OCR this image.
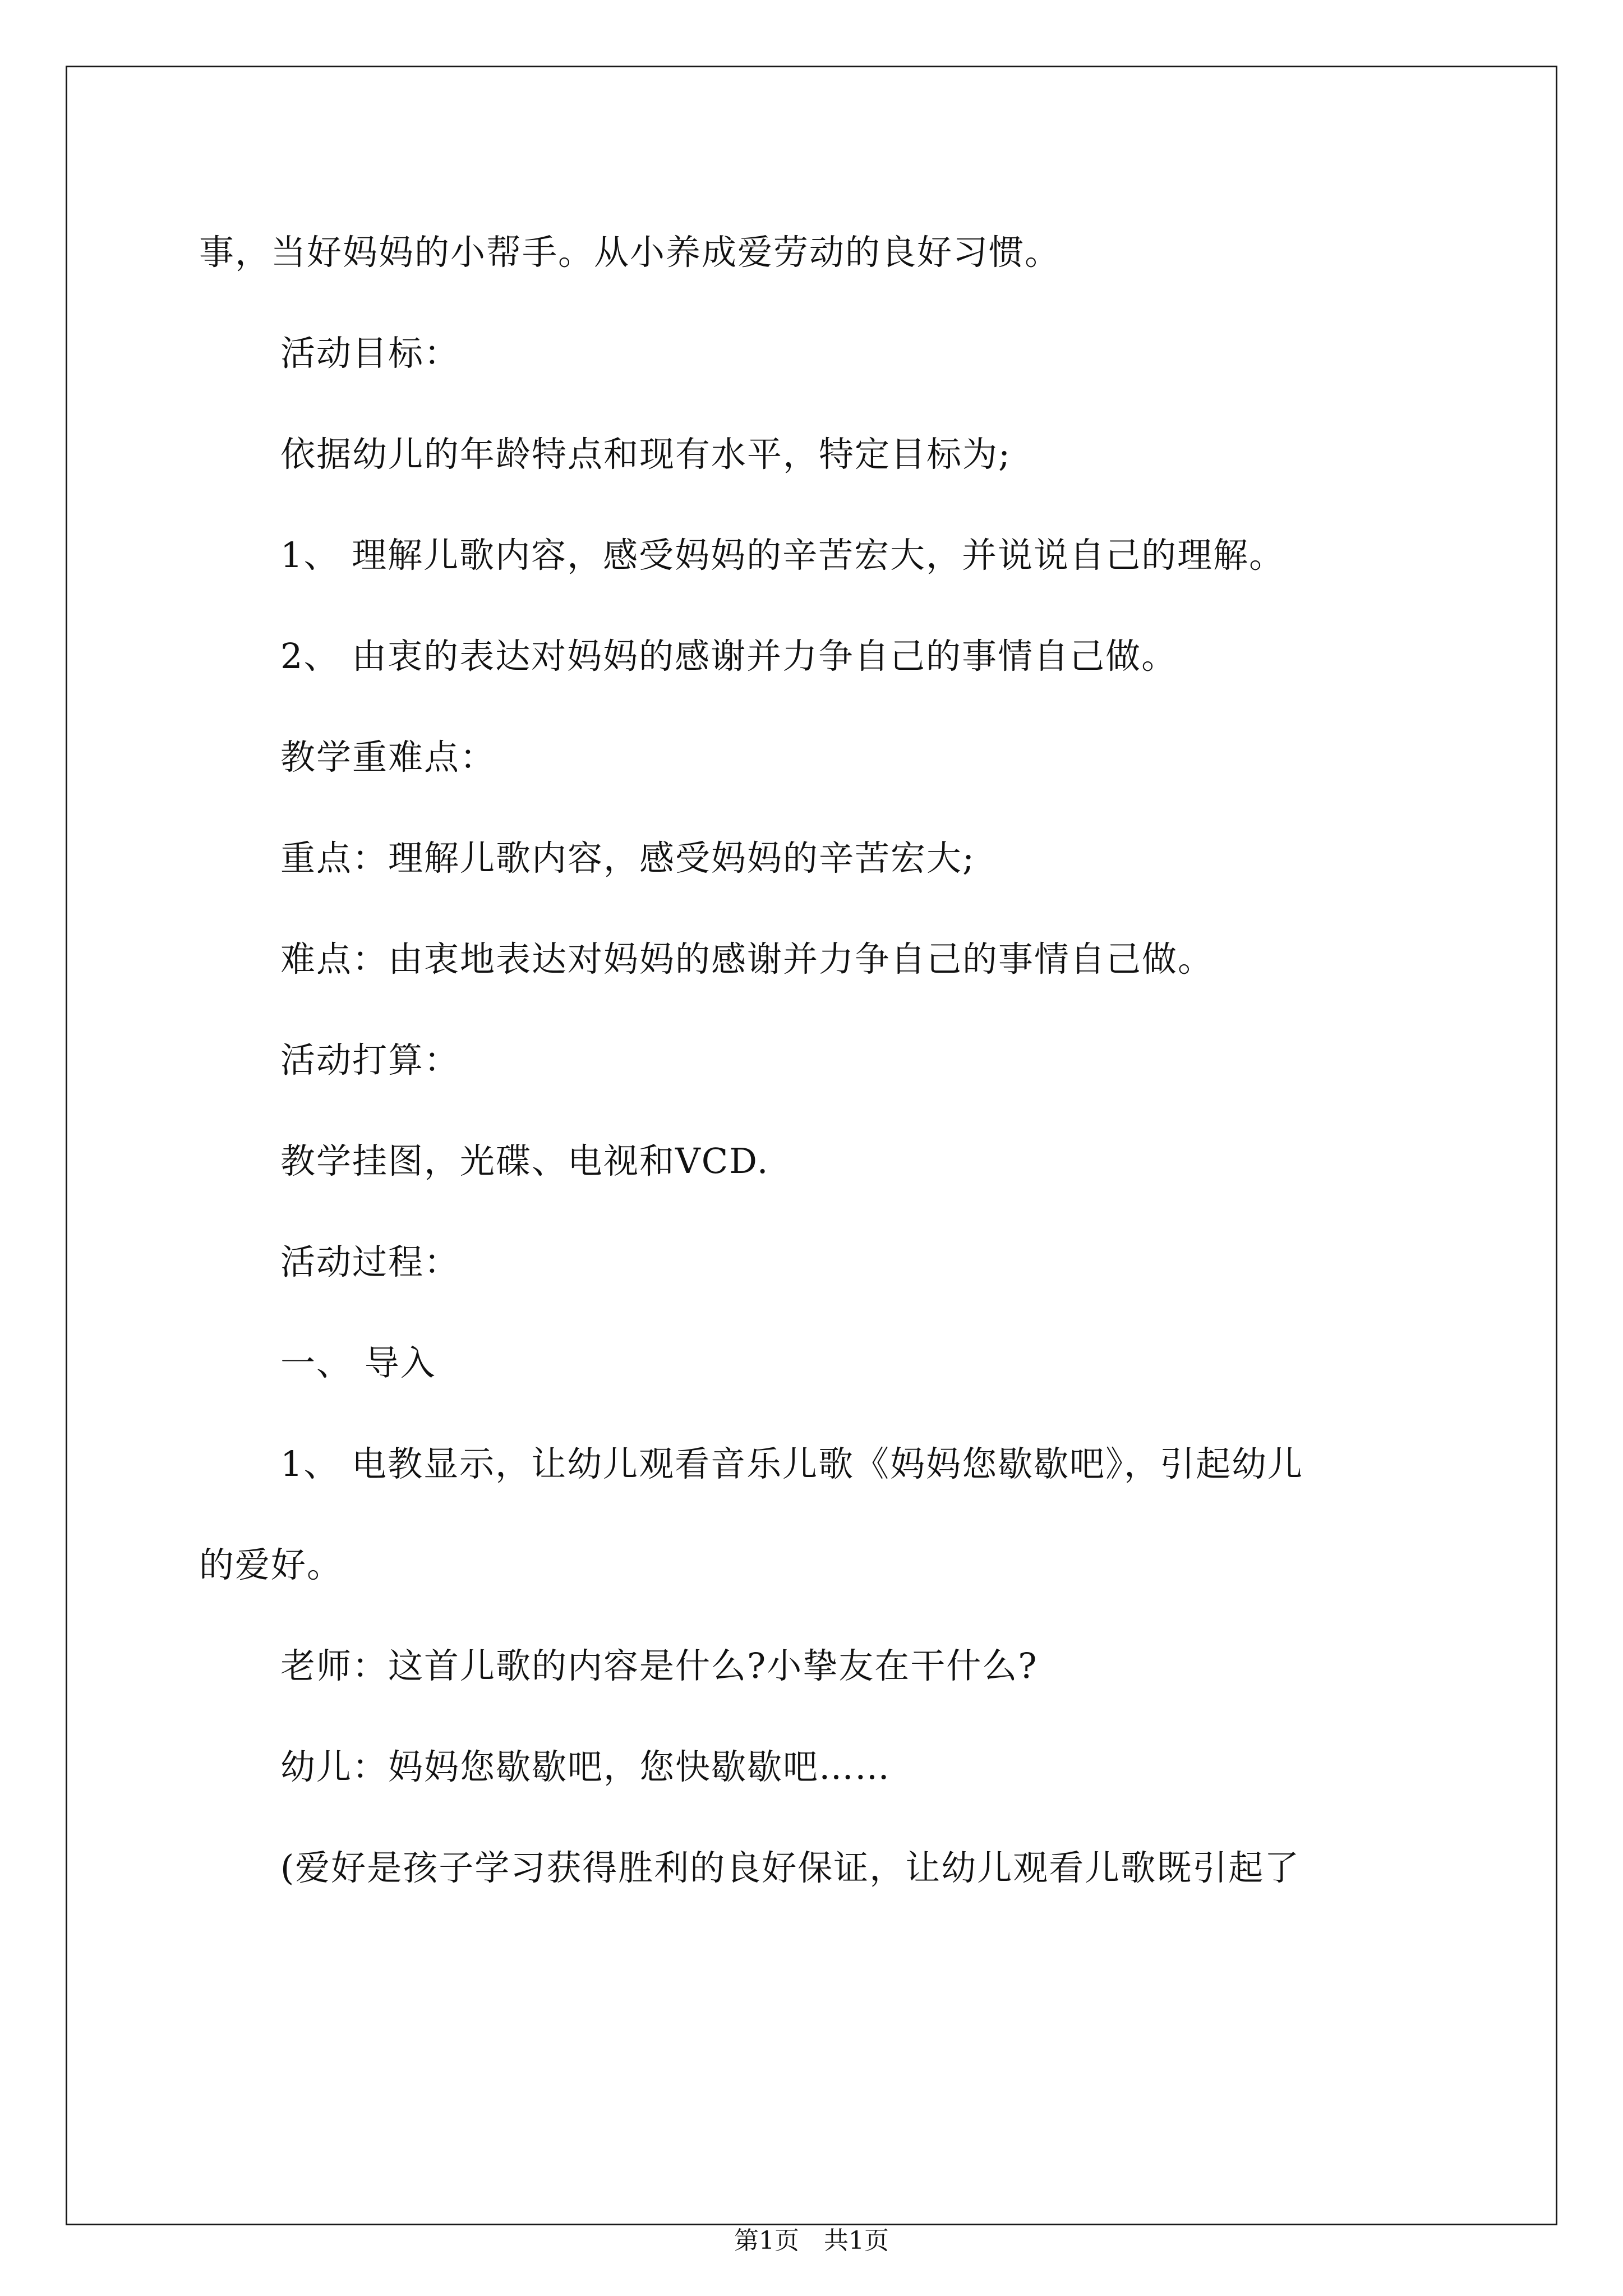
事，当好妈妈的小帮手。从小养成爱劳动的良好习惯。
活动目标：
依据幼儿的年龄特点和现有水平，特定目标为;
1、 理解儿歌内容，感受妈妈的辛苦宏大，并说说自己的理解。
2、 由衷的表达对妈妈的感谢并力争自己的事情自己做。
教学重难点：
重点：理解儿歌内容，感受妈妈的辛苦宏大;
难点：由衷地表达对妈妈的感谢并力争自己的事情自己做。
活动打算：
教学挂图，光碟、电视和VCD.
活动过程：
一、 导入
1、 电教显示，让幼儿观看音乐儿歌《妈妈您歇歇吧》，引起幼儿
的爱好。
老师：这首儿歌的内容是什么?小挚友在干什么?
幼儿：妈妈您歇歇吧，您快歇歇吧……
(爱好是孩子学习获得胜利的良好保证，让幼儿观看儿歌既引起了
第1页　共1页
